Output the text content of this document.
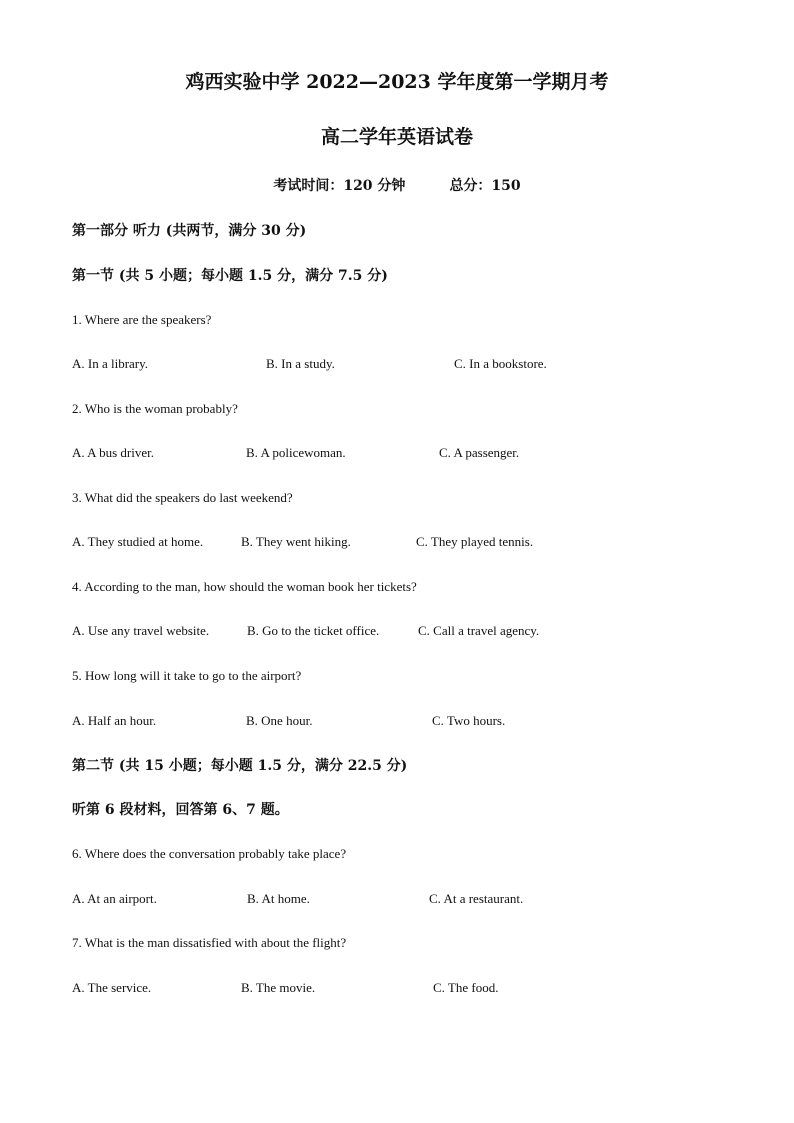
鸡西实验中学 2022—2023 学年度第一学期月考
高二学年英语试卷
考试时间：120 分钟	总分：150
第一部分 听力 (共两节，满分 30 分)
第一节 (共 5 小题；每小题 1.5 分，满分 7.5 分)
1. Where are the speakers?
A. In a library.	B. In a study.	C. In a bookstore.
2. Who is the woman probably?
A. A bus driver.	B. A policewoman.	C. A passenger.
3. What did the speakers do last weekend?
A. They studied at home.	B. They went hiking.	C. They played tennis.
4. According to the man, how should the woman book her tickets?
A. Use any travel website.	B. Go to the ticket office.	C. Call a travel agency.
5. How long will it take to go to the airport?
A. Half an hour.	B. One hour.	C. Two hours.
第二节 (共 15 小题；每小题 1.5 分，满分 22.5 分)
听第 6 段材料，回答第 6、7 题。
6. Where does the conversation probably take place?
A. At an airport.	B. At home.	C. At a restaurant.
7. What is the man dissatisfied with about the flight?
A. The service.	B. The movie.	C. The food.
